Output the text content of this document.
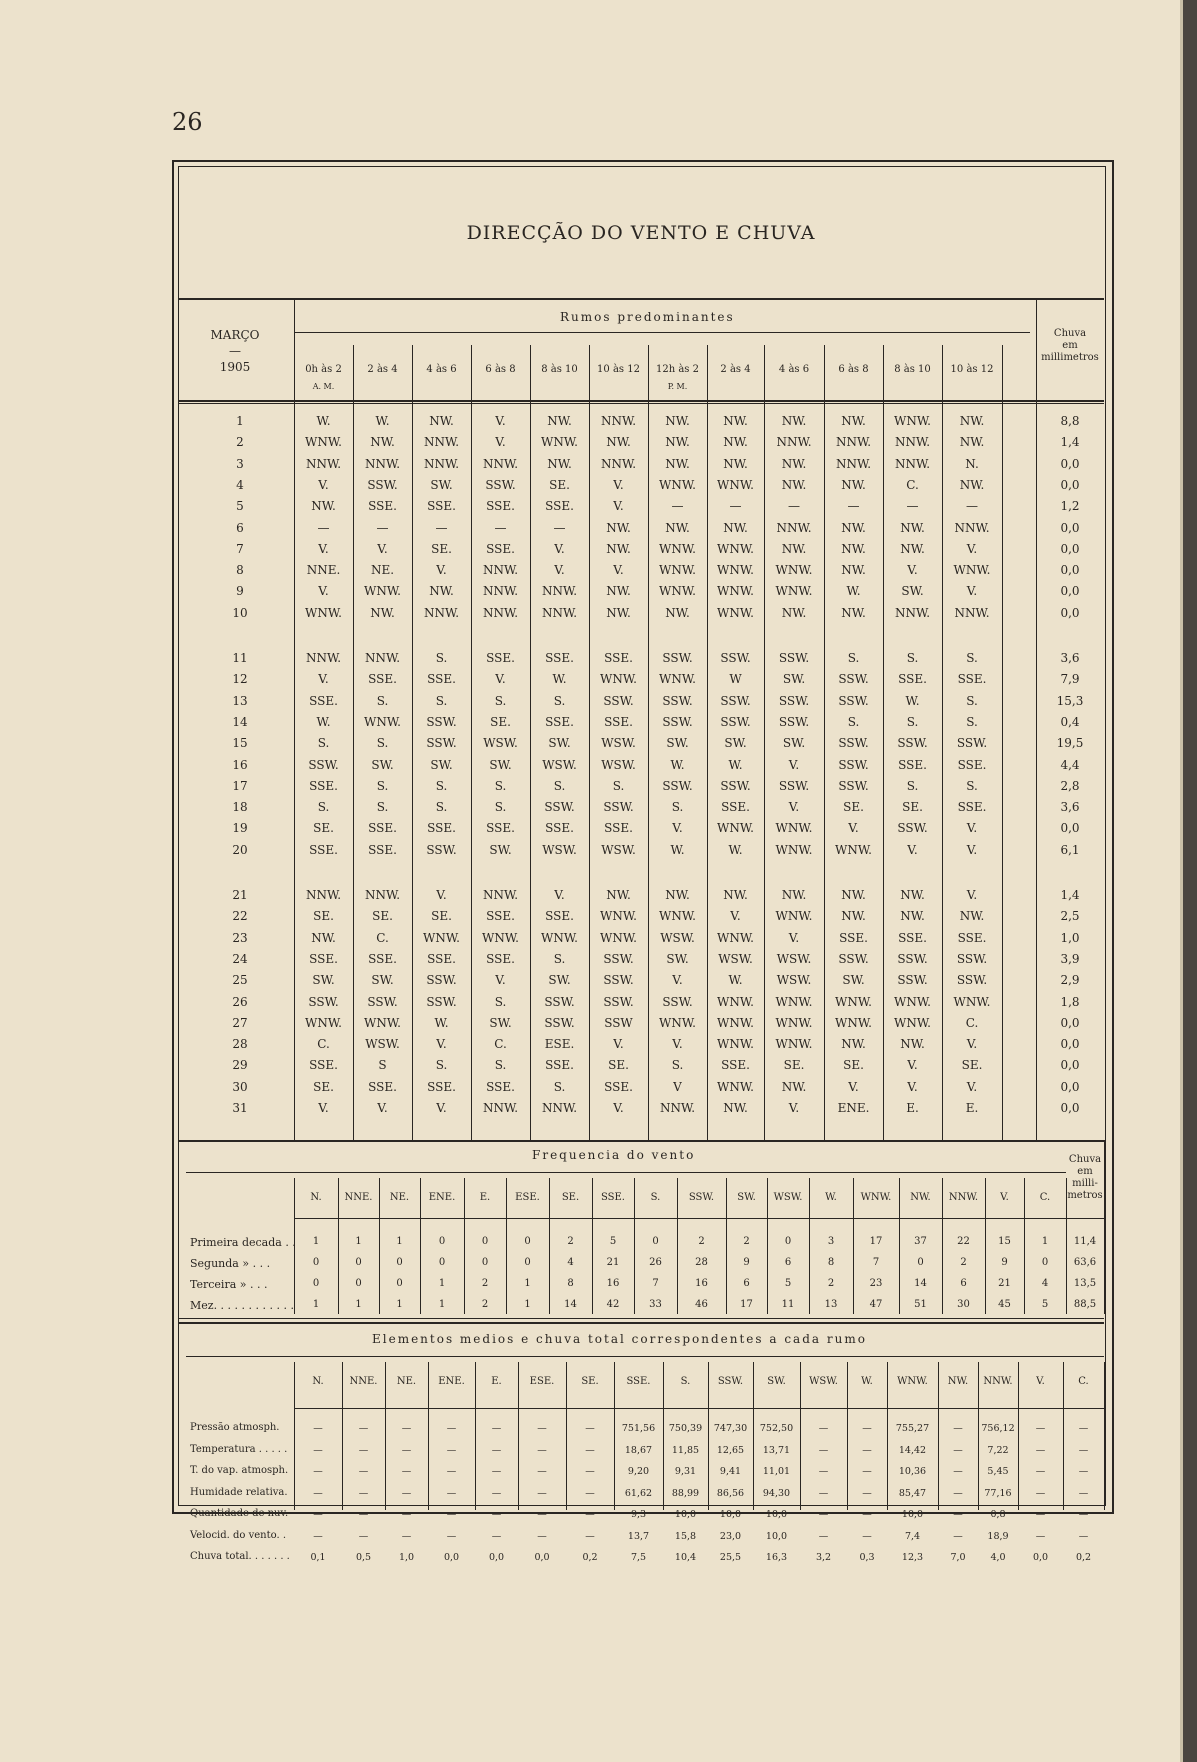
26
DIRECÇÃO DO VENTO E CHUVA
MARÇO
—
1905
Rumos predominantes
0h às 2
A. M.
2 às 4	4 às 6	6 às 8	8 às 10	10 às 12	12h às 2
P. M.
2 às 4	4 às 6	6 às 8	8 às 10	10 às 12
Chuva
em
millimetros
1	W.	W.	NW.	V.	NW.	NNW.	NW.	NW.	NW.	NW.	WNW.	NW.	8,8
2	WNW.	NW.	NNW.	V.	WNW.	NW.	NW.	NW.	NNW.	NNW.	NNW.	NW.	1,4
3	NNW.	NNW.	NNW.	NNW.	NW.	NNW.	NW.	NW.	NW.	NNW.	NNW.	N.	0,0
4	V.	SSW.	SW.	SSW.	SE.	V.	WNW.	WNW.	NW.	NW.	C.	NW.	0,0
5	NW.	SSE.	SSE.	SSE.	SSE.	V.	—	—	—	—	—	—	1,2
6	—	—	—	—	—	NW.	NW.	NW.	NNW.	NW.	NW.	NNW.	0,0
7	V.	V.	SE.	SSE.	V.	NW.	WNW.	WNW.	NW.	NW.	NW.	V.	0,0
8	NNE.	NE.	V.	NNW.	V.	V.	WNW.	WNW.	WNW.	NW.	V.	WNW.	0,0
9	V.	WNW.	NW.	NNW.	NNW.	NW.	WNW.	WNW.	WNW.	W.	SW.	V.	0,0
10	WNW.	NW.	NNW.	NNW.	NNW.	NW.	NW.	WNW.	NW.	NW.	NNW.	NNW.	0,0
11	NNW.	NNW.	S.	SSE.	SSE.	SSE.	SSW.	SSW.	SSW.	S.	S.	S.	3,6
12	V.	SSE.	SSE.	V.	W.	WNW.	WNW.	W	SW.	SSW.	SSE.	SSE.	7,9
13	SSE.	S.	S.	S.	S.	SSW.	SSW.	SSW.	SSW.	SSW.	W.	S.	15,3
14	W.	WNW.	SSW.	SE.	SSE.	SSE.	SSW.	SSW.	SSW.	S.	S.	S.	0,4
15	S.	S.	SSW.	WSW.	SW.	WSW.	SW.	SW.	SW.	SSW.	SSW.	SSW.	19,5
16	SSW.	SW.	SW.	SW.	WSW.	WSW.	W.	W.	V.	SSW.	SSE.	SSE.	4,4
17	SSE.	S.	S.	S.	S.	S.	SSW.	SSW.	SSW.	SSW.	S.	S.	2,8
18	S.	S.	S.	S.	SSW.	SSW.	S.	SSE.	V.	SE.	SE.	SSE.	3,6
19	SE.	SSE.	SSE.	SSE.	SSE.	SSE.	V.	WNW.	WNW.	V.	SSW.	V.	0,0
20	SSE.	SSE.	SSW.	SW.	WSW.	WSW.	W.	W.	WNW.	WNW.	V.	V.	6,1
21	NNW.	NNW.	V.	NNW.	V.	NW.	NW.	NW.	NW.	NW.	NW.	V.	1,4
22	SE.	SE.	SE.	SSE.	SSE.	WNW.	WNW.	V.	WNW.	NW.	NW.	NW.	2,5
23	NW.	C.	WNW.	WNW.	WNW.	WNW.	WSW.	WNW.	V.	SSE.	SSE.	SSE.	1,0
24	SSE.	SSE.	SSE.	SSE.	S.	SSW.	SW.	WSW.	WSW.	SSW.	SSW.	SSW.	3,9
25	SW.	SW.	SSW.	V.	SW.	SSW.	V.	W.	WSW.	SW.	SSW.	SSW.	2,9
26	SSW.	SSW.	SSW.	S.	SSW.	SSW.	SSW.	WNW.	WNW.	WNW.	WNW.	WNW.	1,8
27	WNW.	WNW.	W.	SW.	SSW.	SSW	WNW.	WNW.	WNW.	WNW.	WNW.	C.	0,0
28	C.	WSW.	V.	C.	ESE.	V.	V.	WNW.	WNW.	NW.	NW.	V.	0,0
29	SSE.	S	S.	S.	SSE.	SE.	S.	SSE.	SE.	SE.	V.	SE.	0,0
30	SE.	SSE.	SSE.	SSE.	S.	SSE.	V	WNW.	NW.	V.	V.	V.	0,0
31	V.	V.	V.	NNW.	NNW.	V.	NNW.	NW.	V.	ENE.	E.	E.	0,0
Frequencia do vento
N.	NNE.	NE.	ENE.	E.	ESE.	SE.	SSE.	S.	SSW.	SW.	WSW.	W.	WNW.	NW.	NNW.	V.	C.
Chuva
em
milli-
metros
Primeira decada . .	1	1	1	0	0	0	2	5	0	2	2	0	3	17	37	22	15	1	11,4
Segunda » . . .	0	0	0	0	0	0	4	21	26	28	9	6	8	7	0	2	9	0	63,6
Terceira » . . .	0	0	0	1	2	1	8	16	7	16	6	5	2	23	14	6	21	4	13,5
Mez. . . . . . . . . . . .	1	1	1	1	2	1	14	42	33	46	17	11	13	47	51	30	45	5	88,5
Elementos medios e chuva total correspondentes a cada rumo
N.	NNE.	NE.	ENE.	E.	ESE.	SE.	SSE.	S.	SSW.	SW.	WSW.	W.	WNW.	NW.	NNW.	V.	C.
Pressão atmosph.	—	—	—	—	—	—	—	751,56	750,39	747,30	752,50	—	—	755,27	—	756,12	—	—
Temperatura . . . . .	—	—	—	—	—	—	—	18,67	11,85	12,65	13,71	—	—	14,42	—	7,22	—	—
T. do vap. atmosph.	—	—	—	—	—	—	—	9,20	9,31	9,41	11,01	—	—	10,36	—	5,45	—	—
Humidade relativa.	—	—	—	—	—	—	—	61,62	88,99	86,56	94,30	—	—	85,47	—	77,16	—	—
Quantidade de nuv.	—	—	—	—	—	—	—	9,3	10,0	10,0	10,0	—	—	10,0	—	0,8	—	—
Velocid. do vento. .	—	—	—	—	—	—	—	13,7	15,8	23,0	10,0	—	—	7,4	—	18,9	—	—
Chuva total. . . . . . .	0,1	0,5	1,0	0,0	0,0	0,0	0,2	7,5	10,4	25,5	16,3	3,2	0,3	12,3	7,0	4,0	0,0	0,2
